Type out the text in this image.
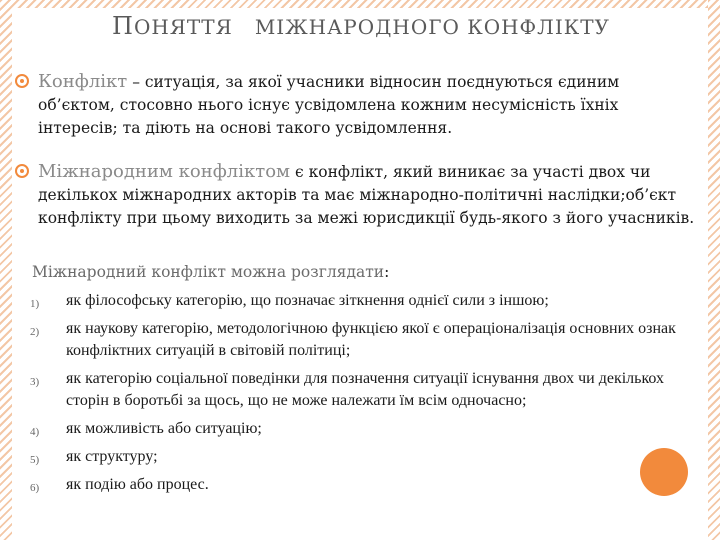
ПОНЯТТЯ   МІЖНАРОДНОГО КОНФЛІКТУ
Конфлікт – ситуація, за якої учасники відносин поєднуються єдиним об’єктом, стосовно нього існує усвідомлена кожним несумісність їхніх інтересів; та діють на основі такого усвідомлення.
Міжнародним конфліктом є конфлікт, який виникає за участі двох чи декількох міжнародних акторів та має міжнародно-політичні наслідки;об’єкт конфлікту при цьому виходить за межі юрисдикції будь-якого з його учасників.
Міжнародний конфлікт можна розглядати:
1) як філософську категорію, що позначає зіткнення однієї сили з іншою;
2) як наукову категорію, методологічною функцією якої є операціоналізація основних ознак конфліктних ситуацій в світовій політиці;
3) як категорію соціальної поведінки для позначення ситуації існування двох чи декількох сторін в боротьбі за щось, що не може належати їм всім одночасно;
4) як можливість або ситуацію;
5) як структуру;
6) як подію або процес.
